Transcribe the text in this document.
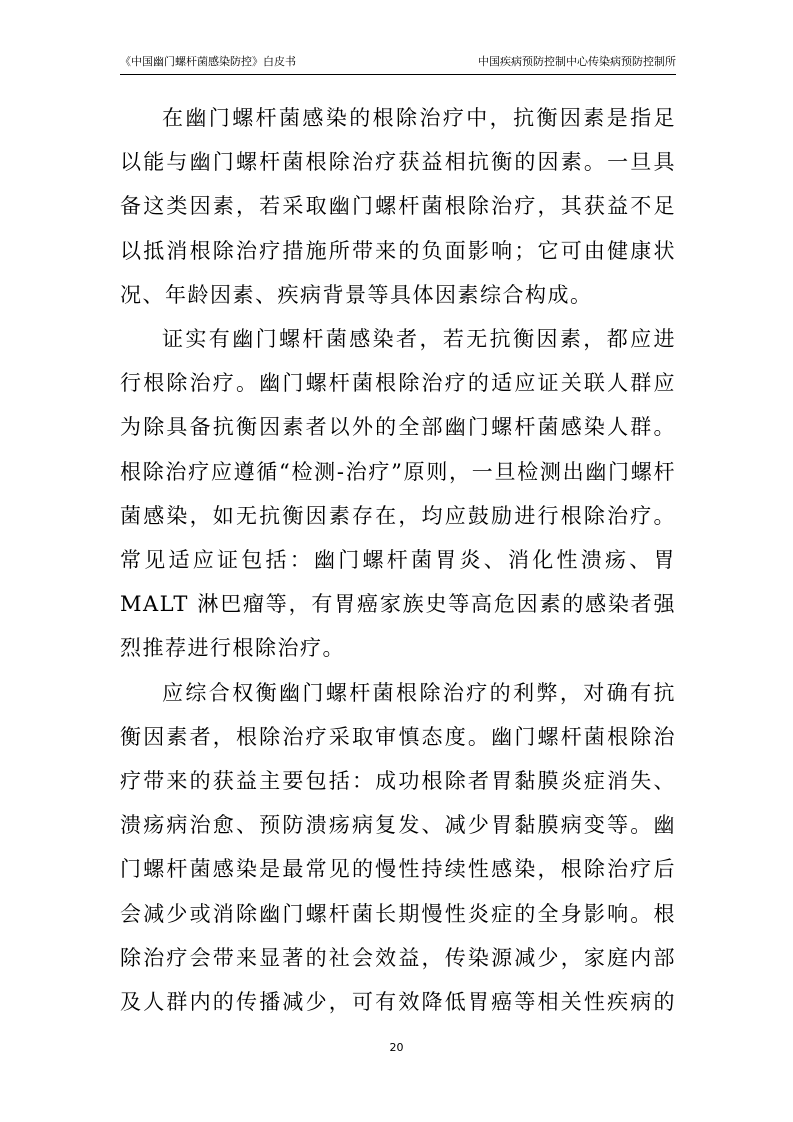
《中国幽门螺杆菌感染防控》白皮书	中国疾病预防控制中心传染病预防控制所

在幽门螺杆菌感染的根除治疗中，抗衡因素是指足以能与幽门螺杆菌根除治疗获益相抗衡的因素。一旦具备这类因素，若采取幽门螺杆菌根除治疗，其获益不足以抵消根除治疗措施所带来的负面影响；它可由健康状况、年龄因素、疾病背景等具体因素综合构成。

证实有幽门螺杆菌感染者，若无抗衡因素，都应进行根除治疗。幽门螺杆菌根除治疗的适应证关联人群应为除具备抗衡因素者以外的全部幽门螺杆菌感染人群。根除治疗应遵循“检测-治疗”原则，一旦检测出幽门螺杆菌感染，如无抗衡因素存在，均应鼓励进行根除治疗。常见适应证包括：幽门螺杆菌胃炎、消化性溃疡、胃 MALT 淋巴瘤等，有胃癌家族史等高危因素的感染者强烈推荐进行根除治疗。

应综合权衡幽门螺杆菌根除治疗的利弊，对确有抗衡因素者，根除治疗采取审慎态度。幽门螺杆菌根除治疗带来的获益主要包括：成功根除者胃黏膜炎症消失、溃疡病治愈、预防溃疡病复发、减少胃黏膜病变等。幽门螺杆菌感染是最常见的慢性持续性感染，根除治疗后会减少或消除幽门螺杆菌长期慢性炎症的全身影响。根除治疗会带来显著的社会效益，传染源减少，家庭内部及人群内的传播减少，可有效降低胃癌等相关性疾病的

20
